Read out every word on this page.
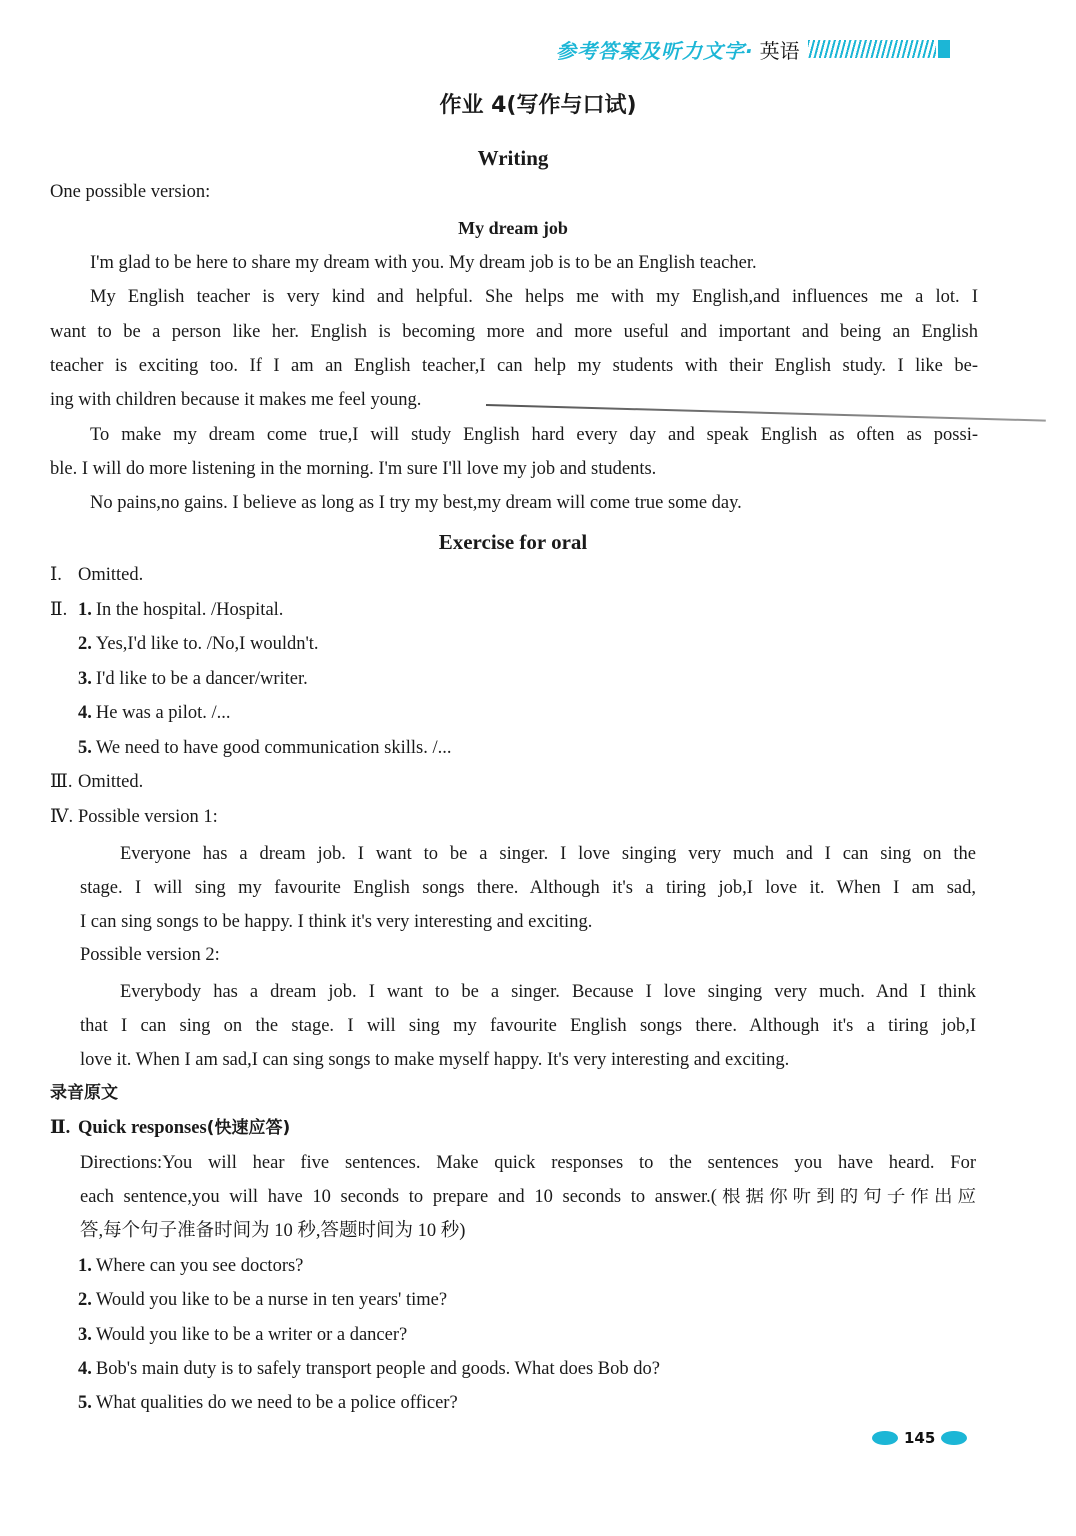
参考答案及听力文字· 英语
作业 4(写作与口试)
Writing
One possible version:
My dream job
I'm glad to be here to share my dream with you. My dream job is to be an English teacher.
My English teacher is very kind and helpful. She helps me with my English,and influences me a lot. I
want to be a person like her. English is becoming more and more useful and important and being an English
teacher is exciting too. If I am an English teacher,I can help my students with their English study. I like be-
ing with children because it makes me feel young.
To make my dream come true,I will study English hard every day and speak English as often as possi-
ble. I will do more listening in the morning. I'm sure I'll love my job and students.
No pains,no gains. I believe as long as I try my best,my dream will come true some day.
Exercise for oral
Ⅰ. Omitted.
Ⅱ. 1. In the hospital. /Hospital.
2. Yes,I'd like to. /No,I wouldn't.
3. I'd like to be a dancer/writer.
4. He was a pilot. /...
5. We need to have good communication skills. /...
Ⅲ. Omitted.
Ⅳ. Possible version 1:
Everyone has a dream job. I want to be a singer. I love singing very much and I can sing on the
stage. I will sing my favourite English songs there. Although it's a tiring job,I love it. When I am sad,
I can sing songs to be happy. I think it's very interesting and exciting.
Possible version 2:
Everybody has a dream job. I want to be a singer. Because I love singing very much. And I think
that I can sing on the stage. I will sing my favourite English songs there. Although it's a tiring job,I
love it. When I am sad,I can sing songs to make myself happy. It's very interesting and exciting.
录音原文
Ⅱ. Quick responses(快速应答)
Directions:You will hear five sentences. Make quick responses to the sentences you have heard. For
each sentence,you will have 10 seconds to prepare and 10 seconds to answer.(根据你听到的句子作出应
答,每个句子准备时间为 10 秒,答题时间为 10 秒)
1. Where can you see doctors?
2. Would you like to be a nurse in ten years' time?
3. Would you like to be a writer or a dancer?
4. Bob's main duty is to safely transport people and goods. What does Bob do?
5. What qualities do we need to be a police officer?
145
